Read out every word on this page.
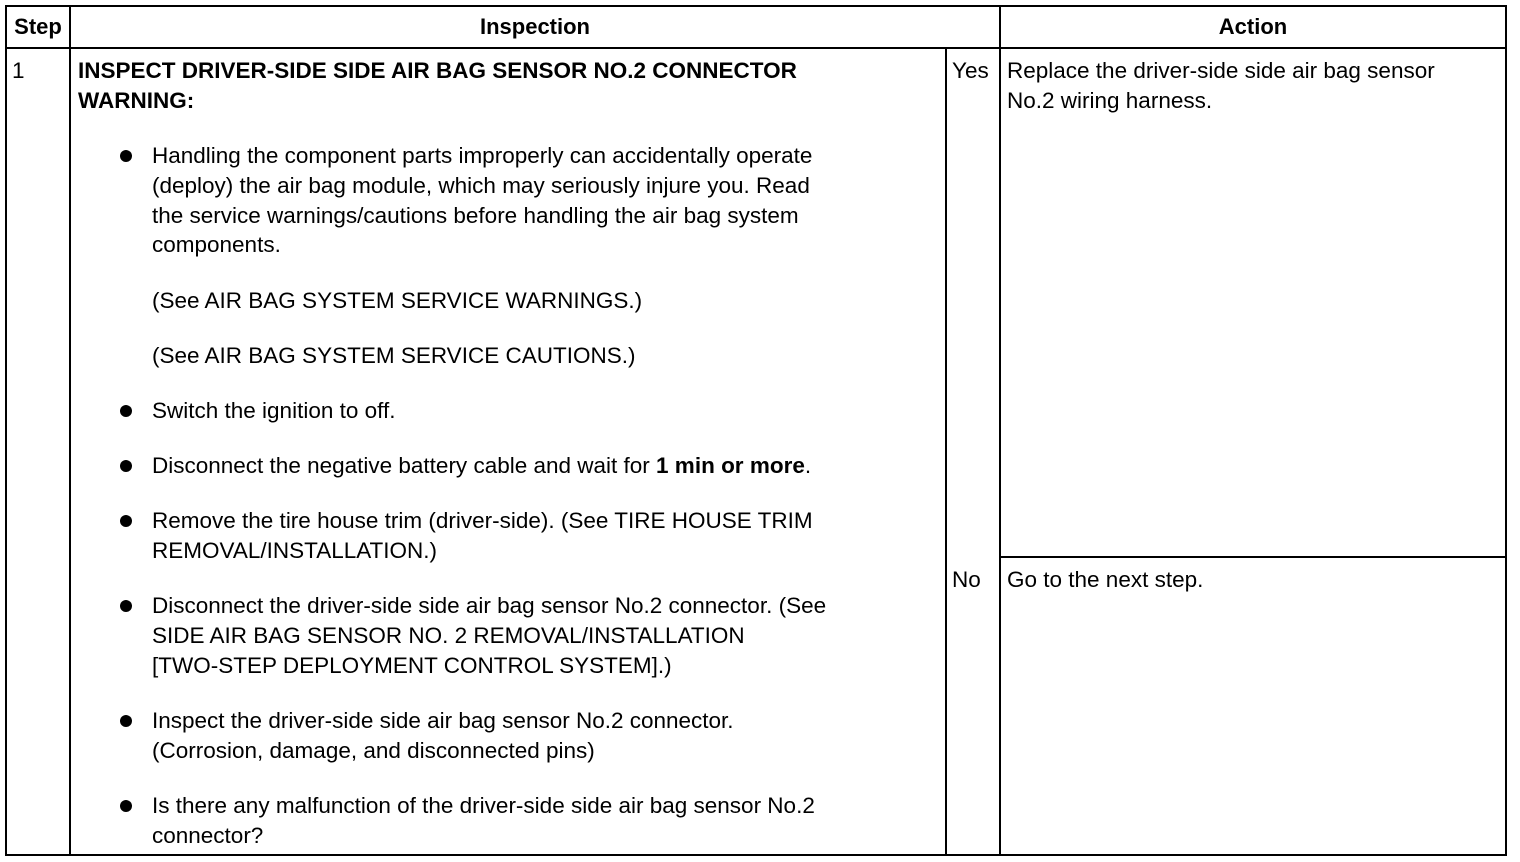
Step	Inspection	Action
1 INSPECT DRIVER-SIDE SIDE AIR BAG SENSOR NO.2 CONNECTOR
WARNING:
Handling the component parts improperly can accidentally operate
(deploy) the air bag module, which may seriously injure you. Read
the service warnings/cautions before handling the air bag system
components.
(See AIR BAG SYSTEM SERVICE WARNINGS.)
(See AIR BAG SYSTEM SERVICE CAUTIONS.)
Switch the ignition to off.
Disconnect the negative battery cable and wait for 1 min or more.
Remove the tire house trim (driver-side). (See TIRE HOUSE TRIM
REMOVAL/INSTALLATION.)
Disconnect the driver-side side air bag sensor No.2 connector. (See
SIDE AIR BAG SENSOR NO. 2 REMOVAL/INSTALLATION
[TWO-STEP DEPLOYMENT CONTROL SYSTEM].)
Inspect the driver-side side air bag sensor No.2 connector.
(Corrosion, damage, and disconnected pins)
Is there any malfunction of the driver-side side air bag sensor No.2
connector?
Yes Replace the driver-side side air bag sensor
No.2 wiring harness.
No Go to the next step.
